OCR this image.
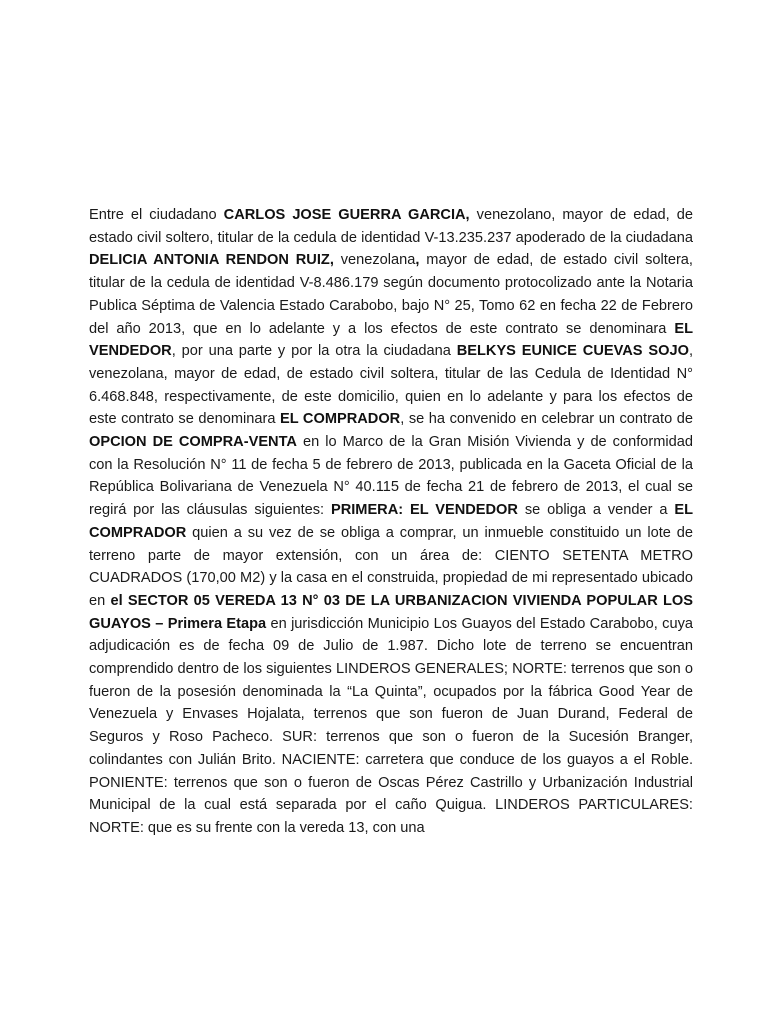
Entre el ciudadano CARLOS JOSE GUERRA GARCIA, venezolano, mayor de edad, de estado civil soltero, titular de la cedula de identidad V-13.235.237 apoderado de la ciudadana DELICIA ANTONIA RENDON RUIZ, venezolana, mayor de edad, de estado civil soltera, titular de la cedula de identidad V-8.486.179 según documento protocolizado ante la Notaria Publica Séptima de Valencia Estado Carabobo, bajo N° 25, Tomo 62 en fecha 22 de Febrero del año 2013, que en lo adelante y a los efectos de este contrato se denominara EL VENDEDOR, por una parte y por la otra la ciudadana BELKYS EUNICE CUEVAS SOJO, venezolana, mayor de edad, de estado civil soltera, titular de las Cedula de Identidad N° 6.468.848, respectivamente, de este domicilio, quien en lo adelante y para los efectos de este contrato se denominara EL COMPRADOR, se ha convenido en celebrar un contrato de OPCION DE COMPRA-VENTA en lo Marco de la Gran Misión Vivienda y de conformidad con la Resolución N° 11 de fecha 5 de febrero de 2013, publicada en la Gaceta Oficial de la República Bolivariana de Venezuela N° 40.115 de fecha 21 de febrero de 2013, el cual se regirá por las cláusulas siguientes: PRIMERA: EL VENDEDOR se obliga a vender a EL COMPRADOR quien a su vez de se obliga a comprar, un inmueble constituido un lote de terreno parte de mayor extensión, con un área de: CIENTO SETENTA METRO CUADRADOS (170,00 M2) y la casa en el construida, propiedad de mi representado ubicado en el SECTOR 05 VEREDA 13 N° 03 DE LA URBANIZACION VIVIENDA POPULAR LOS GUAYOS – Primera Etapa en jurisdicción Municipio Los Guayos del Estado Carabobo, cuya adjudicación es de fecha 09 de Julio de 1.987. Dicho lote de terreno se encuentran comprendido dentro de los siguientes LINDEROS GENERALES; NORTE: terrenos que son o fueron de la posesión denominada la “La Quinta”, ocupados por la fábrica Good Year de Venezuela y Envases Hojalata, terrenos que son fueron de Juan Durand, Federal de Seguros y Roso Pacheco. SUR: terrenos que son o fueron de la Sucesión Branger, colindantes con Julián Brito. NACIENTE: carretera que conduce de los guayos a el Roble. PONIENTE: terrenos que son o fueron de Oscas Pérez Castrillo y Urbanización Industrial Municipal de la cual está separada por el caño Quigua. LINDEROS PARTICULARES: NORTE: que es su frente con la vereda 13, con una
